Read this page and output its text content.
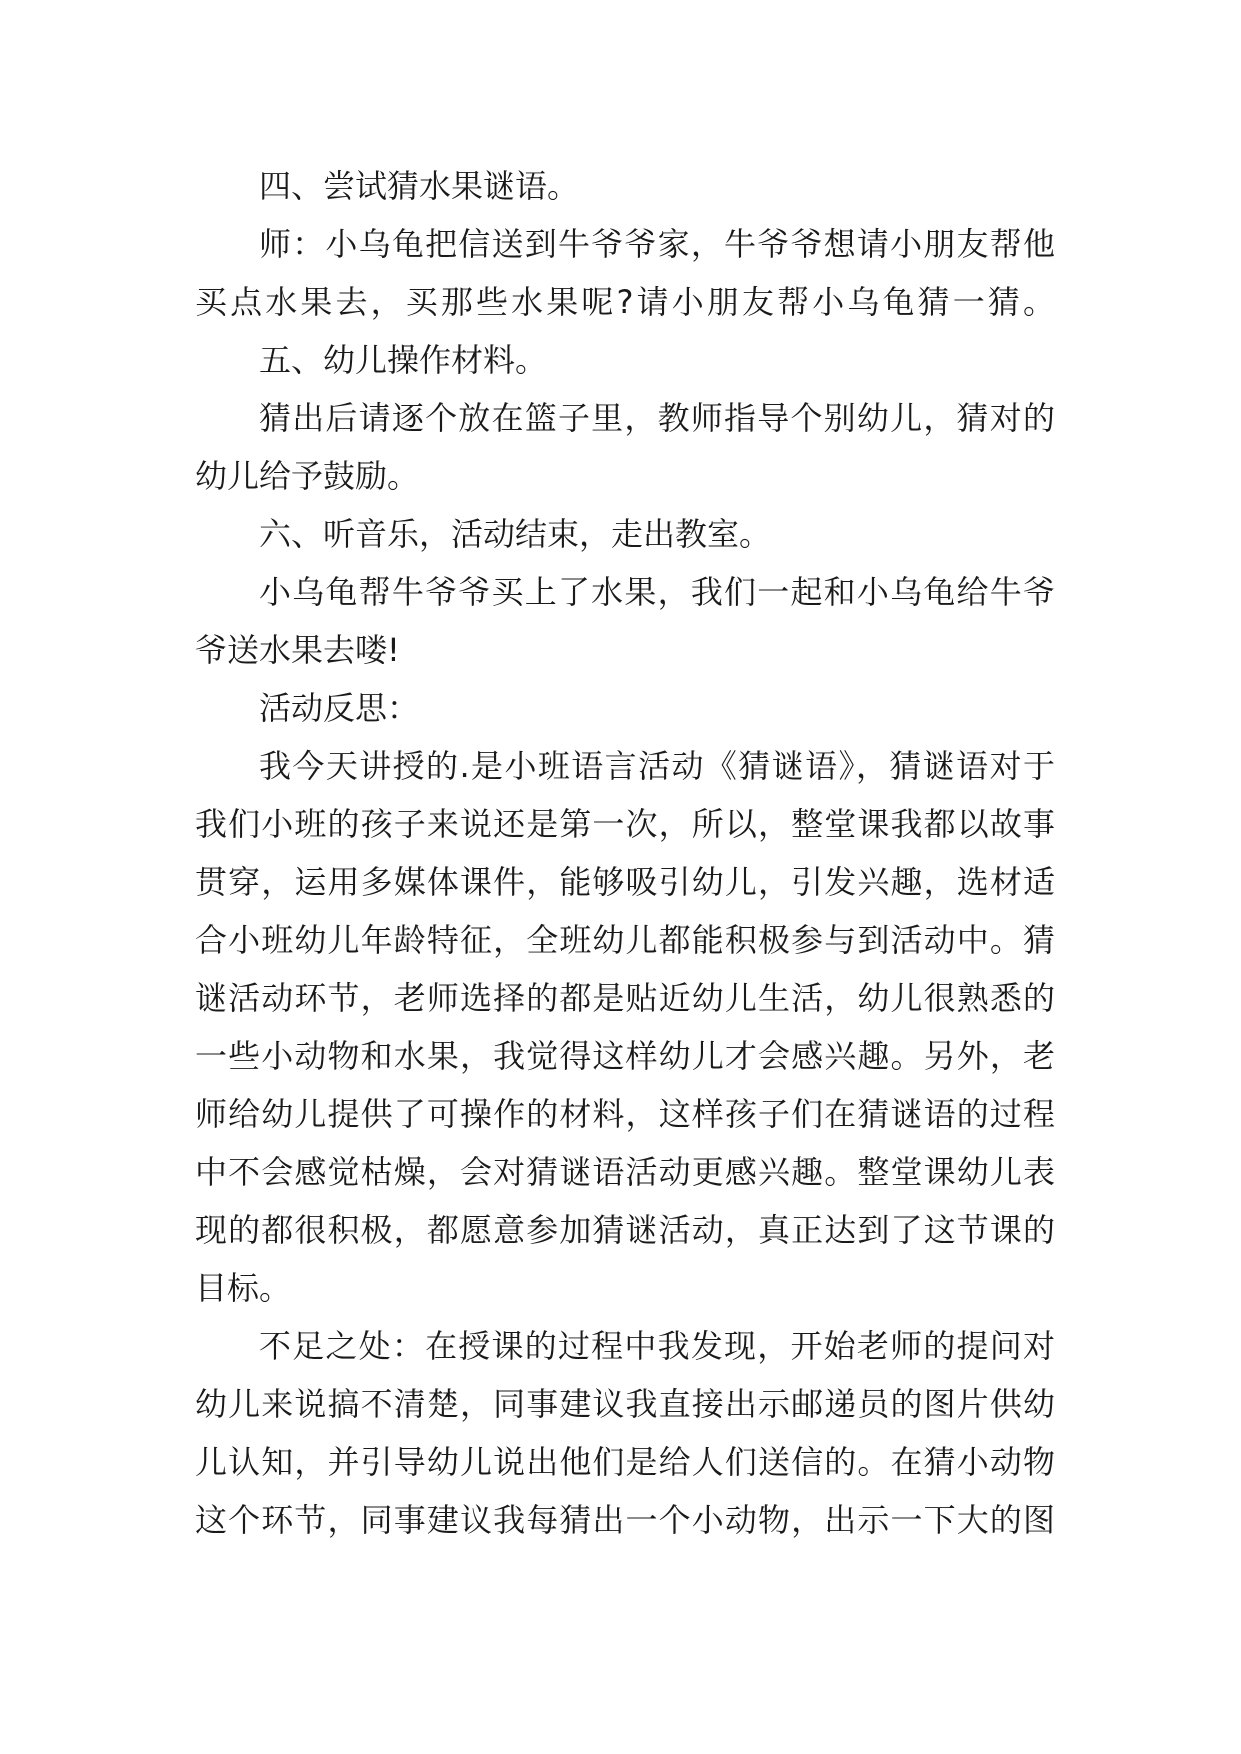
四、尝试猜水果谜语。
师：小乌龟把信送到牛爷爷家，牛爷爷想请小朋友帮他
买点水果去，买那些水果呢?请小朋友帮小乌龟猜一猜。
五、幼儿操作材料。
猜出后请逐个放在篮子里，教师指导个别幼儿，猜对的
幼儿给予鼓励。
六、听音乐，活动结束，走出教室。
小乌龟帮牛爷爷买上了水果，我们一起和小乌龟给牛爷
爷送水果去喽!
活动反思：
我今天讲授的.是小班语言活动《猜谜语》，猜谜语对于
我们小班的孩子来说还是第一次，所以，整堂课我都以故事
贯穿，运用多媒体课件，能够吸引幼儿，引发兴趣，选材适
合小班幼儿年龄特征，全班幼儿都能积极参与到活动中。猜
谜活动环节，老师选择的都是贴近幼儿生活，幼儿很熟悉的
一些小动物和水果，我觉得这样幼儿才会感兴趣。另外，老
师给幼儿提供了可操作的材料，这样孩子们在猜谜语的过程
中不会感觉枯燥，会对猜谜语活动更感兴趣。整堂课幼儿表
现的都很积极，都愿意参加猜谜活动，真正达到了这节课的
目标。
不足之处：在授课的过程中我发现，开始老师的提问对
幼儿来说搞不清楚，同事建议我直接出示邮递员的图片供幼
儿认知，并引导幼儿说出他们是给人们送信的。在猜小动物
这个环节，同事建议我每猜出一个小动物，出示一下大的图
